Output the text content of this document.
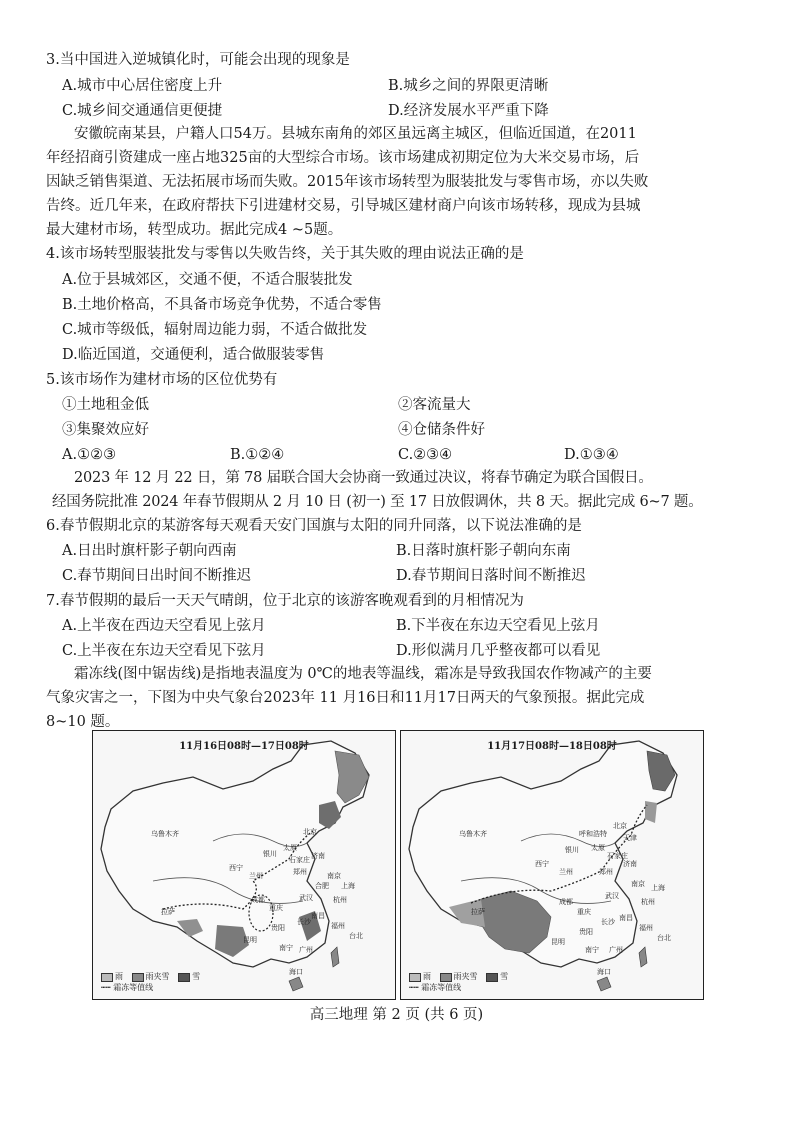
3.当中国进入逆城镇化时，可能会出现的现象是
A.城市中心居住密度上升	B.城乡之间的界限更清晰
C.城乡间交通通信更便捷	D.经济发展水平严重下降
安徽皖南某县，户籍人口54万。县城东南角的郊区虽远离主城区，但临近国道，在2011
年经招商引资建成一座占地325亩的大型综合市场。该市场建成初期定位为大米交易市场，后
因缺乏销售渠道、无法拓展市场而失败。2015年该市场转型为服装批发与零售市场，亦以失败
告终。近几年来，在政府帮扶下引进建材交易，引导城区建材商户向该市场转移，现成为县城
最大建材市场，转型成功。据此完成4 ~5题。
4.该市场转型服装批发与零售以失败告终，关于其失败的理由说法正确的是
A.位于县城郊区，交通不便，不适合服装批发
B.土地价格高，不具备市场竞争优势，不适合零售
C.城市等级低，辐射周边能力弱，不适合做批发
D.临近国道，交通便利，适合做服装零售
5.该市场作为建材市场的区位优势有
①土地租金低	②客流量大
③集聚效应好	④仓储条件好
A.①②③	B.①②④	C.②③④	D.①③④
2023 年 12 月 22 日，第 78 届联合国大会协商一致通过决议，将春节确定为联合国假日。
经国务院批准 2024 年春节假期从 2 月 10 日 (初一) 至 17 日放假调休，共 8 天。据此完成 6~7 题。
6.春节假期北京的某游客每天观看天安门国旗与太阳的同升同落，以下说法准确的是
A.日出时旗杆影子朝向西南	B.日落时旗杆影子朝向东南
C.春节期间日出时间不断推迟	D.春节期间日落时间不断推迟
7.春节假期的最后一天天气晴朗，位于北京的该游客晚观看到的月相情况为
A.上半夜在西边天空看见上弦月	B.下半夜在东边天空看见上弦月
C.上半夜在东边天空看见下弦月	D.形似满月几乎整夜都可以看见
霜冻线(图中锯齿线)是指地表温度为 0℃的地表等温线，霜冻是导致我国农作物减产的主要
气象灾害之一，下图为中央气象台2023年 11 月16日和11月17日两天的气象预报。据此完成
8~10 题。
11月16日08时—17日08时
乌鲁木齐
银川
西宁
兰州
拉萨
成都
昆明
重庆
贵阳
南宁 广州
长沙
武汉
南昌
郑州
济南
北京
太原
石家庄
合肥
南京
上海
杭州
福州
台北
海口
雨	雨夹雪	雪
┅┅ 霜冻等值线
11月17日08时—18日08时
乌鲁木齐	呼和浩特
北京
天津
银川 太原
石家庄
西宁
兰州	郑州
济南
拉萨
成都
武汉
南京 上海
重庆
长沙
杭州
昆明
贵阳
南昌
福州
南宁 广州
台北
海口
雨	雨夹雪	雪
┅┅ 霜冻等值线
高三地理 第 2 页 (共 6 页)
